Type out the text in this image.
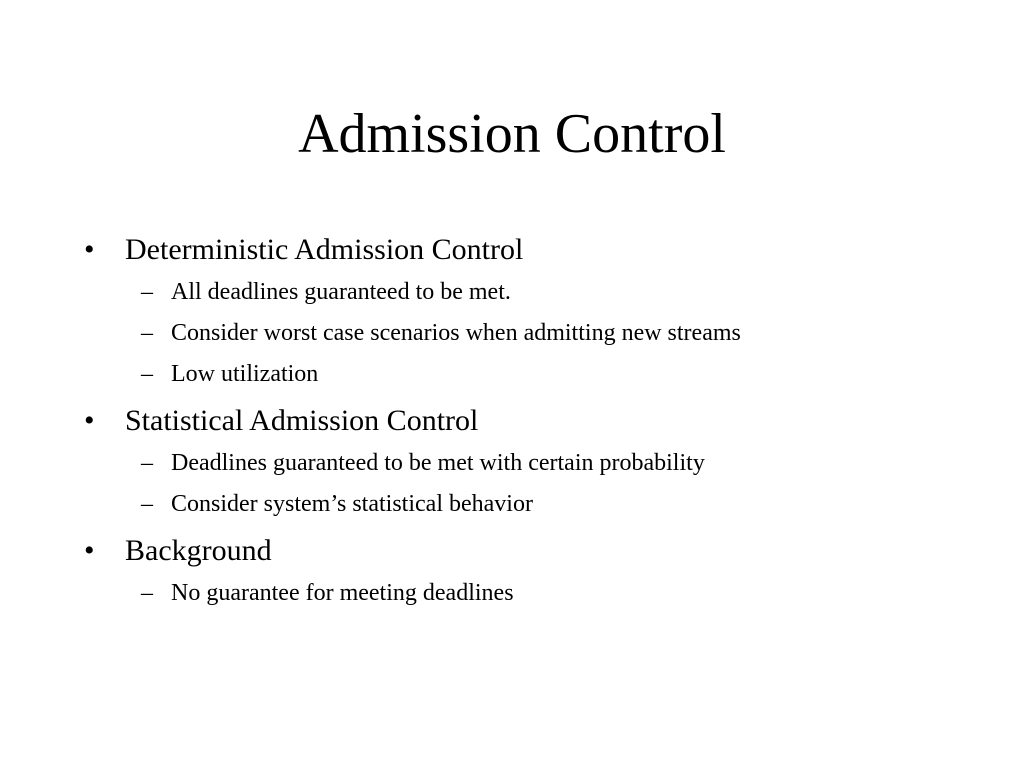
Admission Control
•	Deterministic Admission Control
– All deadlines guaranteed to be met.
– Consider worst case scenarios when admitting new streams
– Low utilization
•	Statistical Admission Control
– Deadlines guaranteed to be met with certain probability
– Consider system’s statistical behavior
•	Background
– No guarantee for meeting deadlines
